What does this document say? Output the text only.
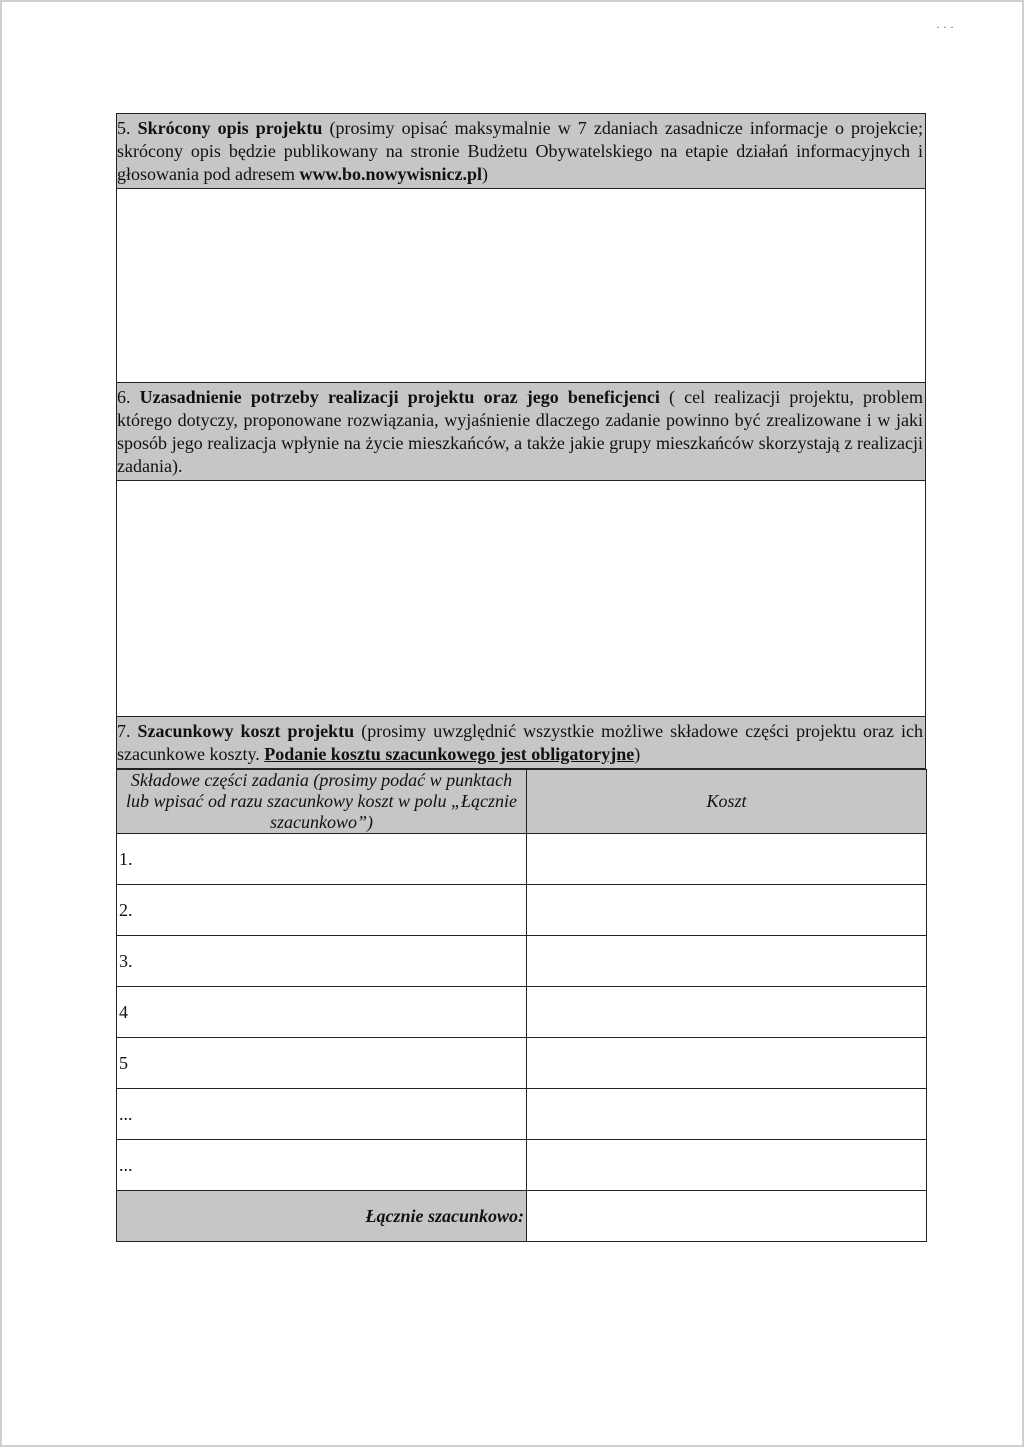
· · ·
5. Skrócony opis projektu (prosimy opisać maksymalnie w 7 zdaniach zasadnicze informacje o projekcie; skrócony opis będzie publikowany na stronie Budżetu Obywatelskiego na etapie działań informacyjnych i głosowania pod adresem www.bo.nowywisnicz.pl)
6. Uzasadnienie potrzeby realizacji projektu oraz jego beneficjenci ( cel realizacji projektu, problem którego dotyczy, proponowane rozwiązania, wyjaśnienie dlaczego zadanie powinno być zrealizowane i w jaki sposób jego realizacja wpłynie na życie mieszkańców, a także jakie grupy mieszkańców skorzystają z realizacji zadania).
7. Szacunkowy koszt projektu (prosimy uwzględnić wszystkie możliwe składowe części projektu oraz ich szacunkowe koszty. Podanie kosztu szacunkowego jest obligatoryjne)
Składowe części zadania (prosimy podać w punktach lub wpisać od razu szacunkowy koszt w polu „Łącznie szacunkowo”)	Koszt
1.	
2.	
3.	
4	
5	
...	
...	
Łącznie szacunkowo:	
